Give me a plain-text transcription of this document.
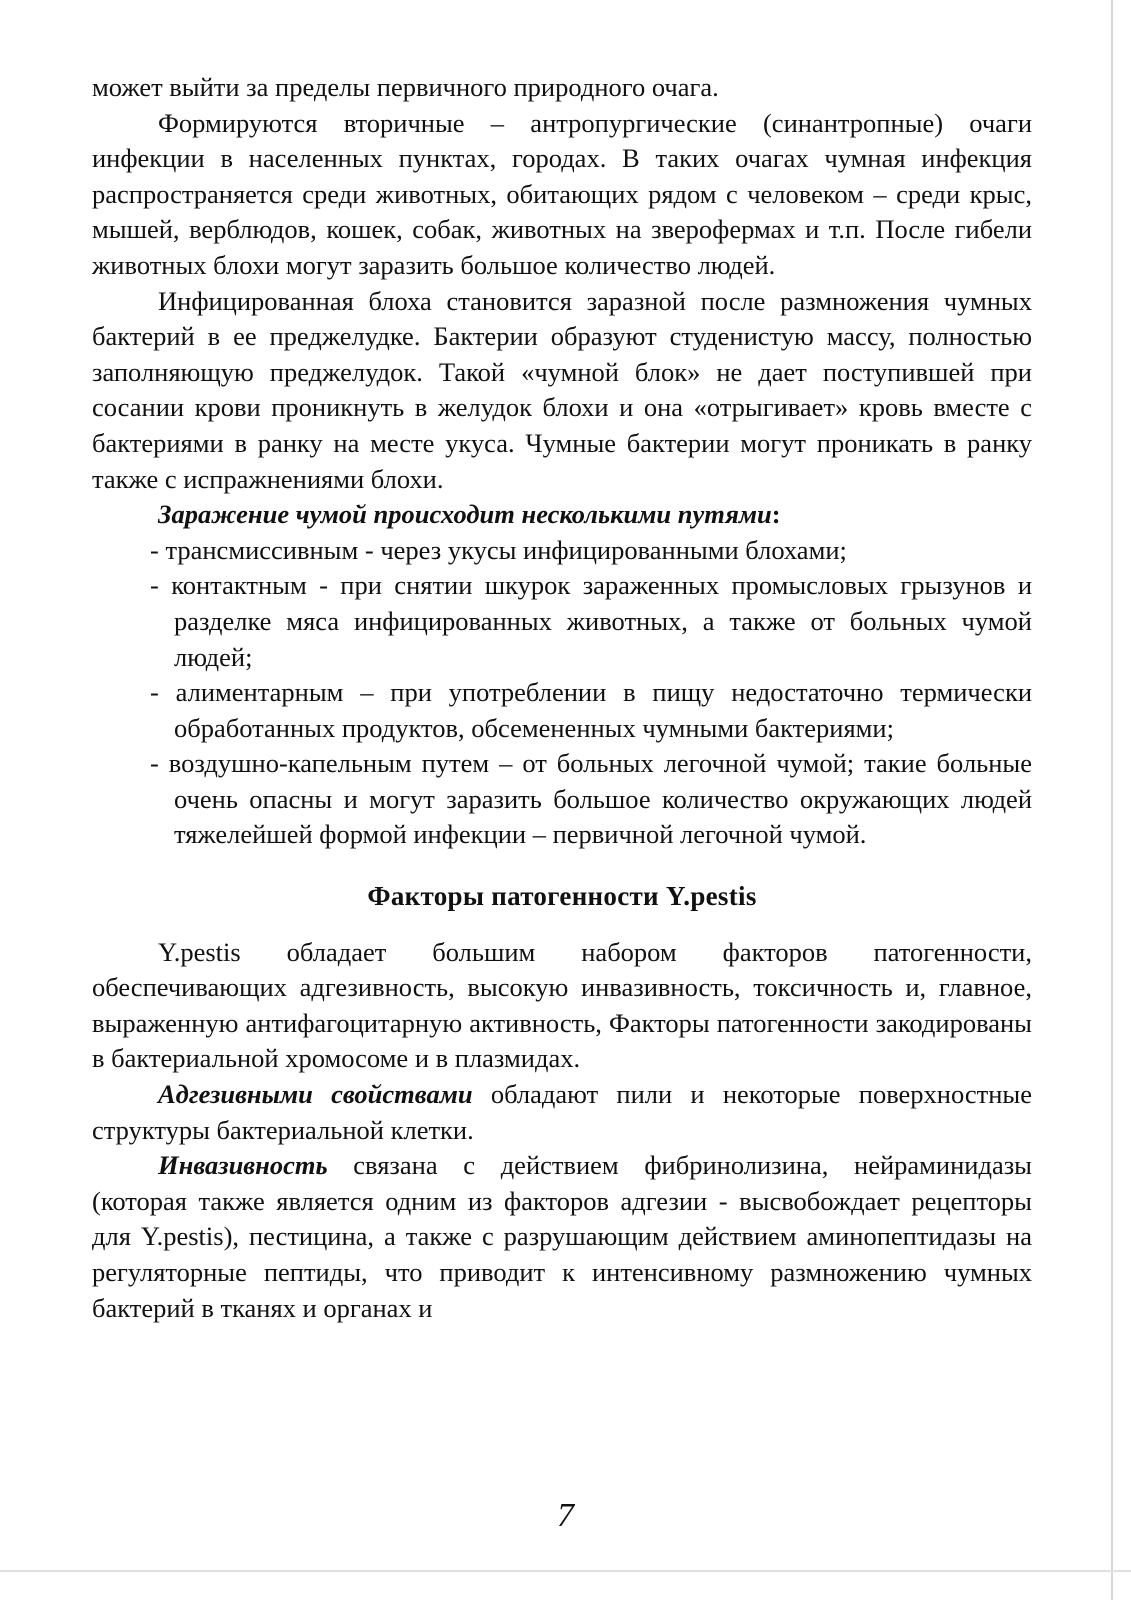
может выйти за пределы первичного природного очага.

Формируются вторичные – антропургические (синантропные) очаги инфекции в населенных пунктах, городах. В таких очагах чумная инфекция распространяется среди животных, обитающих рядом с человеком – среди крыс, мышей, верблюдов, кошек, собак, животных на зверофермах и т.п. После гибели животных блохи могут заразить большое количество людей.

Инфицированная блоха становится заразной после размножения чумных бактерий в ее преджелудке. Бактерии образуют студенистую массу, полностью заполняющую преджелудок. Такой «чумной блок» не дает поступившей при сосании крови проникнуть в желудок блохи и она «отрыгивает» кровь вместе с бактериями в ранку на месте укуса. Чумные бактерии могут проникать в ранку также с испражнениями блохи.

Заражение чумой происходит несколькими путями:

- трансмиссивным - через укусы инфицированными блохами;
- контактным - при снятии шкурок зараженных промысловых грызунов и разделке мяса инфицированных животных, а также от больных чумой людей;
- алиментарным – при употреблении в пищу недостаточно термически обработанных продуктов, обсемененных чумными бактериями;
- воздушно-капельным путем – от больных легочной чумой; такие больные очень опасны и могут заразить большое количество окружающих людей тяжелейшей формой инфекции – первичной легочной чумой.
Факторы патогенности Y.pestis

Y.pestis обладает большим набором факторов патогенности, обеспечивающих адгезивность, высокую инвазивность, токсичность и, главное, выраженную антифагоцитарную активность, Факторы патогенности закодированы в бактериальной хромосоме и в плазмидах.

Адгезивными свойствами обладают пили и некоторые поверхностные структуры бактериальной клетки.

Инвазивность связана с действием фибринолизина, нейраминидазы (которая также является одним из факторов адгезии - высвобождает рецепторы для Y.pestis), пестицина, а также с разрушающим действием аминопептидазы на регуляторные пептиды, что приводит к интенсивному размножению чумных бактерий в тканях и органах и

7
